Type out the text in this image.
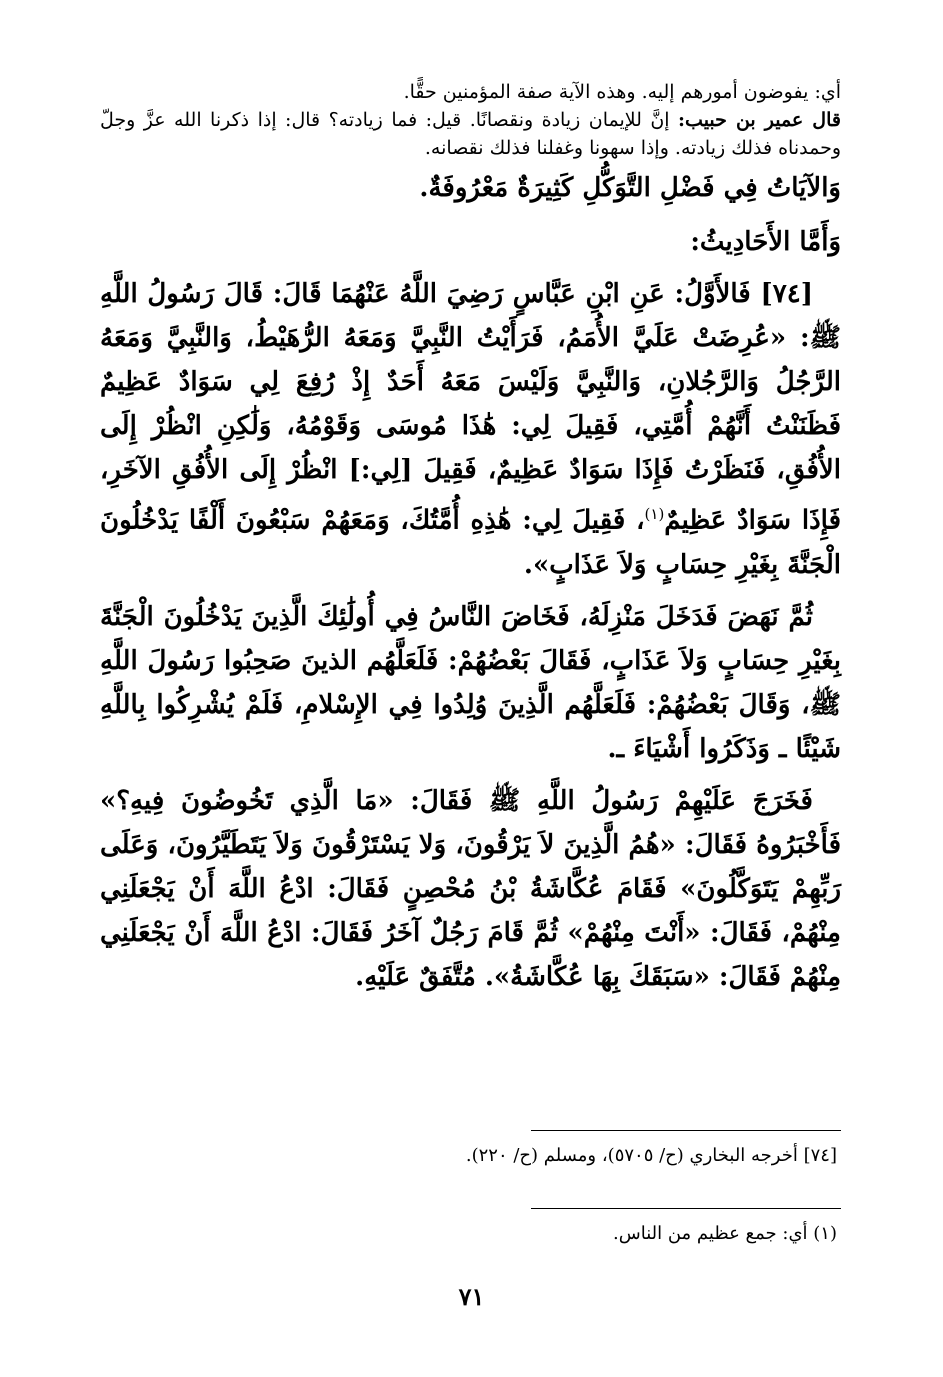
أي: يفوضون أمورهم إليه. وهذه الآية صفة المؤمنين حقًّا.

قال عمير بن حبيب: إنَّ للإيمان زيادة ونقصانًا. قيل: فما زيادته؟ قال: إذا ذكرنا الله عزَّ وجلّ وحمدناه فذلك زيادته. وإذا سهونا وغفلنا فذلك نقصانه.

وَالآيَاتُ فِي فَضْلِ التَّوَكُّلِ كَثِيرَةٌ مَعْرُوفَةٌ.

وَأَمَّا الأَحَادِيثُ:

[٧٤] فَالأَوَّلُ: عَنِ ابْنِ عَبَّاسٍ رَضِيَ اللَّهُ عَنْهُمَا قَالَ: قَالَ رَسُولُ اللَّهِ ﷺ: «عُرِضَتْ عَلَيَّ الأُمَمُ، فَرَأَيْتُ النَّبِيَّ وَمَعَهُ الرُّهَيْطُ، وَالنَّبِيَّ وَمَعَهُ الرَّجُلُ وَالرَّجُلانِ، وَالنَّبِيَّ وَلَيْسَ مَعَهُ أَحَدٌ إِذْ رُفِعَ لِي سَوَادٌ عَظِيمٌ فَظَنَنْتُ أَنَّهُمْ أُمَّتِي، فَقِيلَ لِي: هَٰذَا مُوسَى وَقَوْمُهُ، وَلَٰكِنِ انْظُرْ إِلَى الأُفُقِ، فَنَظَرْتُ فَإِذَا سَوَادٌ عَظِيمٌ، فَقِيلَ [لِي:] انْظُرْ إِلَى الأُفُقِ الآخَرِ، فَإِذَا سَوَادٌ عَظِيمٌ$^{(١)}$، فَقِيلَ لِي: هَٰذِهِ أُمَّتُكَ، وَمَعَهُمْ سَبْعُونَ أَلْفًا يَدْخُلُونَ الْجَنَّةَ بِغَيْرِ حِسَابٍ وَلاَ عَذَابٍ».

ثُمَّ نَهَضَ فَدَخَلَ مَنْزِلَهُ، فَخَاضَ النَّاسُ فِي أُولَٰئِكَ الَّذِينَ يَدْخُلُونَ الْجَنَّةَ بِغَيْرِ حِسَابٍ وَلاَ عَذَابٍ، فَقَالَ بَعْضُهُمْ: فَلَعَلَّهُم الذينَ صَحِبُوا رَسُولَ اللَّهِ ﷺ، وَقَالَ بَعْضُهُمْ: فَلَعَلَّهُم الَّذِينَ وُلِدُوا فِي الإِسْلامِ، فَلَمْ يُشْرِكُوا بِاللَّهِ شَيْئًا ـ وَذَكَرُوا أَشْيَاءَ ـ.

فَخَرَجَ عَلَيْهِمْ رَسُولُ اللَّهِ ﷺ فَقَالَ: «مَا الَّذِي تَخُوضُونَ فِيهِ؟» فَأَخْبَرُوهُ فَقَالَ: «هُمُ الَّذِينَ لاَ يَرْقُونَ، وَلا يَسْتَرْقُونَ وَلاَ يَتَطَيَّرُونَ، وَعَلَى رَبِّهِمْ يَتَوَكَّلُونَ» فَقَامَ عُكَّاشَةُ بْنُ مُحْصِنٍ فَقَالَ: ادْعُ اللَّهَ أَنْ يَجْعَلَنِي مِنْهُمْ، فَقَالَ: «أَنْتَ مِنْهُمْ» ثُمَّ قَامَ رَجُلٌ آخَرُ فَقَالَ: ادْعُ اللَّهَ أَنْ يَجْعَلَنِي مِنْهُمْ فَقَالَ: «سَبَقَكَ بِهَا عُكَّاشَةُ». مُتَّفَقٌ عَلَيْهِ.

[٧٤] أخرجه البخاري (ح/ ٥٧٠٥)، ومسلم (ح/ ٢٢٠).

(١) أي: جمع عظيم من الناس.

٧١
